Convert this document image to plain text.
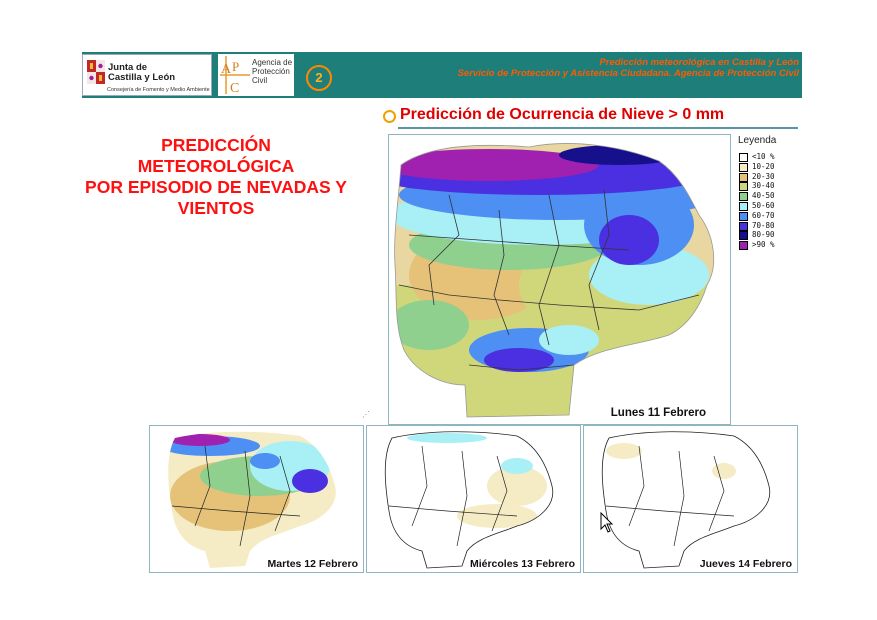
Junta de
Castilla y León
Consejería de Fomento y Medio Ambiente
A P
C
Agencia de Protección Civil	2
Predicción meteorológica en Castilla y León
Servicio de Protección y Asistencia Ciudadana. Agencia de Protección Civil
PREDICCIÓN
METEOROLÓGICA
POR EPISODIO DE NEVADAS Y
VIENTOS
Predicción de Ocurrencia de Nieve > 0 mm
Lunes 11 Febrero
Leyenda
<10 %
10-20
20-30
30-40
40-50
50-60
60-70
70-80
80-90
>90 %
⋰
Martes 12 Febrero	Miércoles 13 Febrero	Jueves 14 Febrero
